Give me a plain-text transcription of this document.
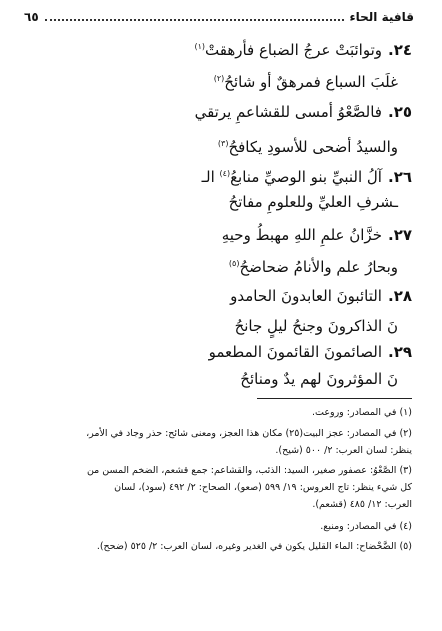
قافية الحاء
٦٥
٢٤.وتوائبَتْ عرجُ الضباعِ فأرهقتْ$^{(١)}$
غلَبَ السباعِ فمرهقٌ أو شائحُ$^{(٢)}$
٢٥.فالصَّعْوُ أمسى للقشاعمِ يرتقي
والسيدُ أضحى للأسودِ يكافحُ$^{(٣)}$
٢٦.آلُ النبيِّ بنو الوصيِّ منابعُ$^{(٤)}$ الـ
ـشرفِ العليِّ وللعلومِ مفاتحُ
٢٧.خزَّانُ علمِ اللهِ مهبطُ وحيهِ
وبحارُ علمِ والأنامُ ضحاضحُ$^{(٥)}$
٢٨.التائبونَ العابدونَ الحامدو
نَ الذاكرونَ وجنحُ ليلٍ جانحُ
٢٩.الصائمونَ القائمونَ المطعمو
نَ المؤثرونَ لهم يدٌ ومنائحُ
(١) في المصادر: وروعت.
(٢) في المصادر: عجز البيت(٢٥) مكان هذا العجز، ومعنى شائح: حذر وجاد في الأمر،
ينظر: لسان العرب: ٢/ ٥٠٠ (شيح).
(٣) الصَّعْوُ: عصفور صغير، السيد: الذئب، والقشاعم: جمع قشعم، الضخم المسن من
كل شيء ينظر: تاج العروس: ١٩/ ٥٩٩ (صعو)، الصحاح: ٢/ ٤٩٢ (سود)، لسان
العرب: ١٢/ ٤٨٥ (قشعم).
(٤) في المصادر: ومنبع.
(٥) الضَّحْضاح: الماء القليل يكون في الغدير وغيره، لسان العرب: ٢/ ٥٢٥ (ضحح).
